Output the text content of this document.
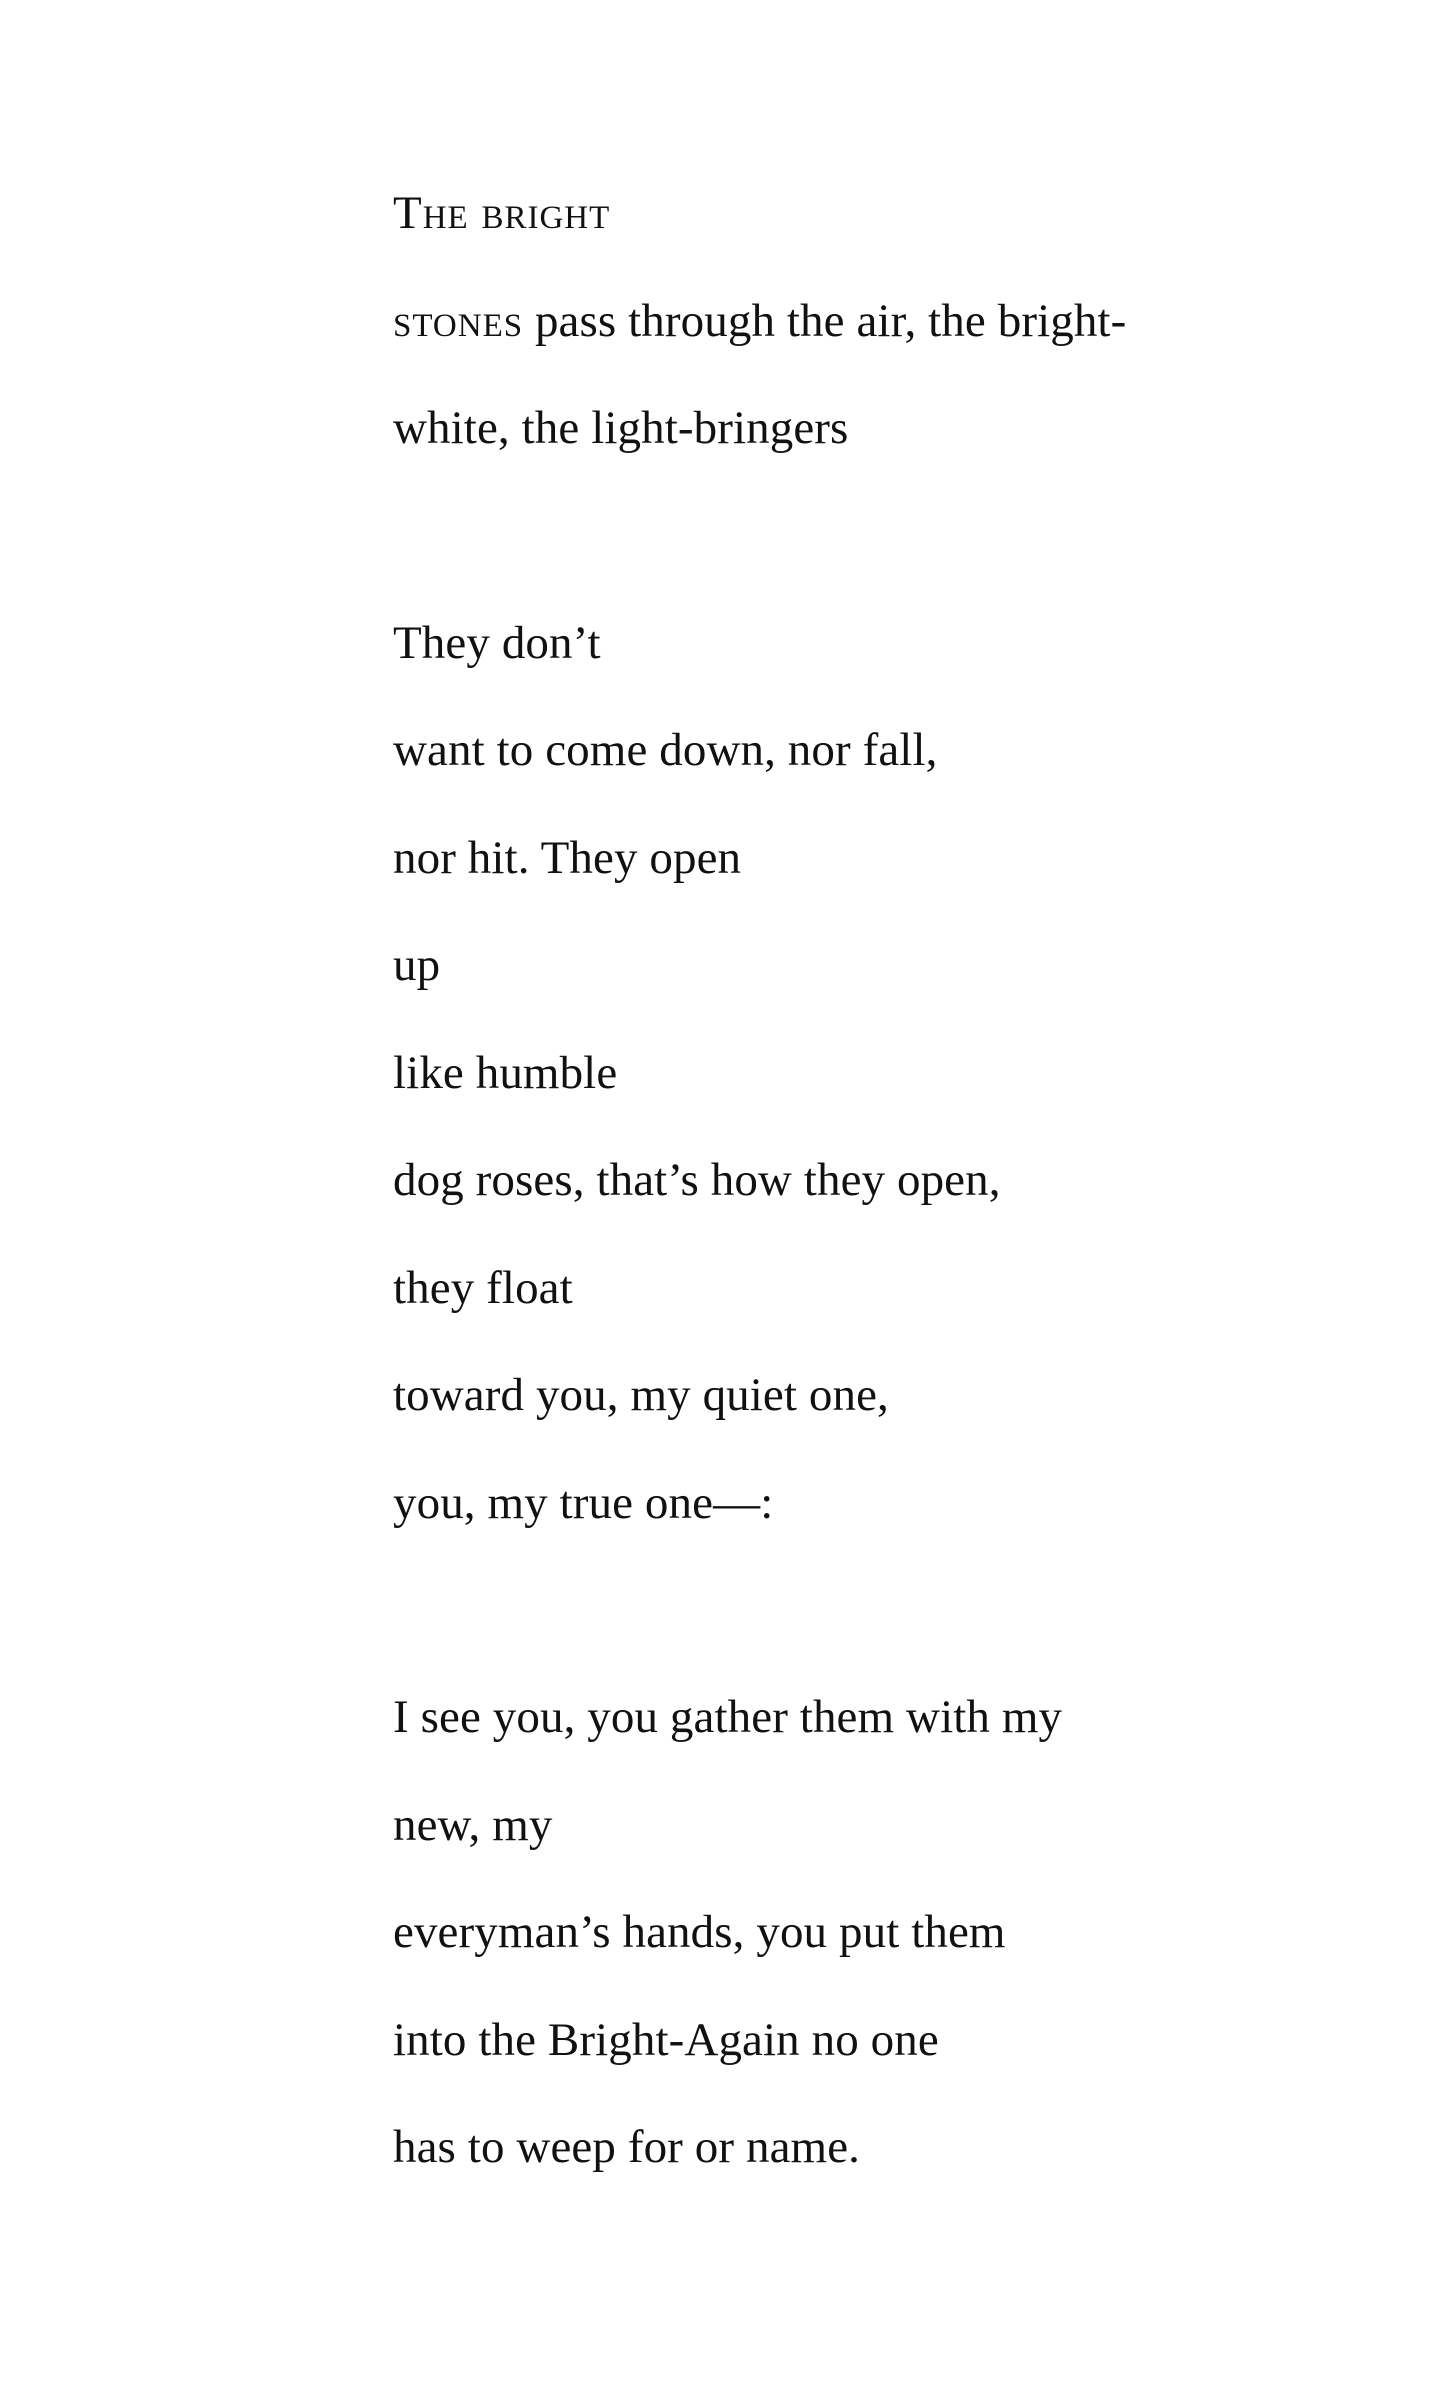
The bright
stones pass through the air, the bright-
white, the light-bringers
They don’t
want to come down, nor fall,
nor hit. They open
up
like humble
dog roses, that’s how they open,
they float
toward you, my quiet one,
you, my true one—:
I see you, you gather them with my
new, my
everyman’s hands, you put them
into the Bright-Again no one
has to weep for or name.
